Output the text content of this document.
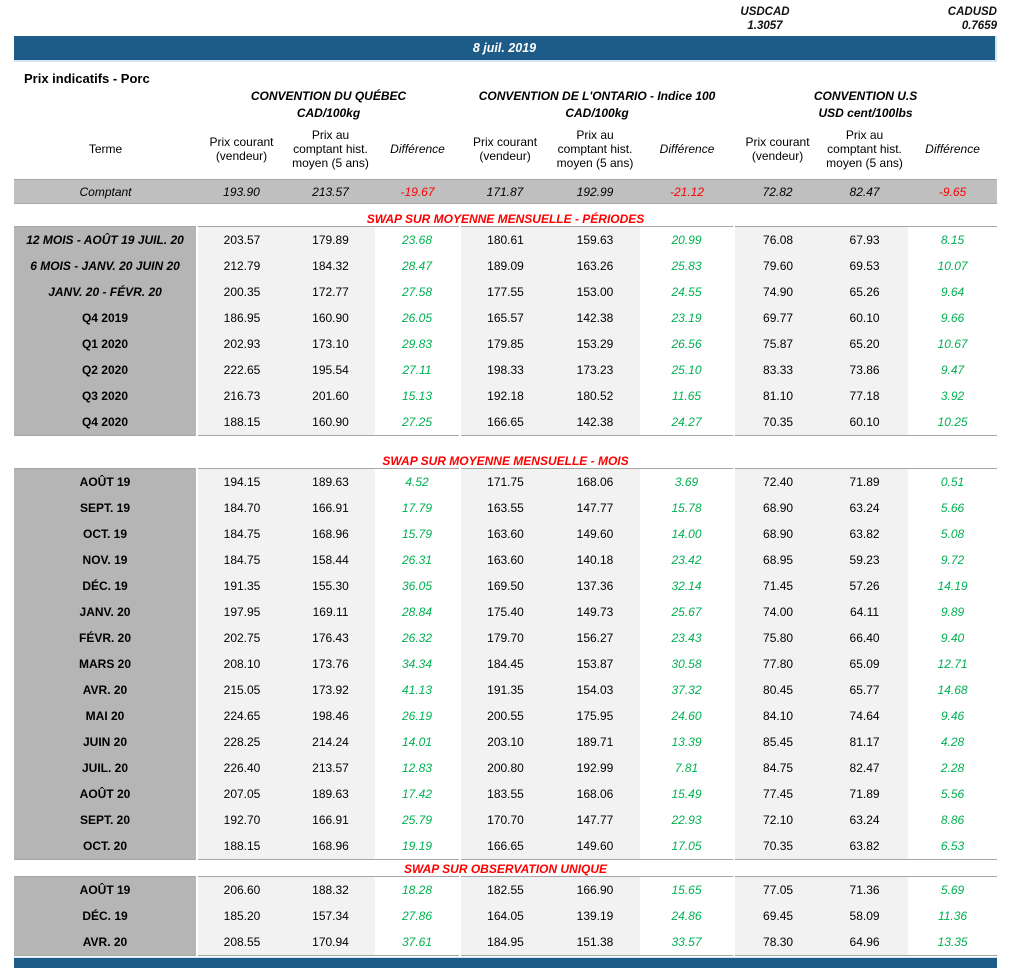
USDCAD
1.3057
CADUSD
0.7659
8 juil. 2019
Prix indicatifs - Porc
	CONVENTION DU QUÉBEC			CONVENTION DE L'ONTARIO - Indice 100			CONVENTION U.S		
	CAD/100kg			CAD/100kg			USD cent/100lbs		
Terme	Prix courant (vendeur)	Prix au comptant hist. moyen (5 ans)	Différence	Prix courant (vendeur)	Prix au comptant hist. moyen (5 ans)	Différence	Prix courant (vendeur)	Prix au comptant hist. moyen (5 ans)	Différence
Comptant	193.90	213.57	-19.67	171.87	192.99	-21.12	72.82	82.47	-9.65

SWAP SUR MOYENNE MENSUELLE - PÉRIODES									
12 MOIS - AOÛT 19 JUIL. 20	203.57	179.89	23.68	180.61	159.63	20.99	76.08	67.93	8.15
6 MOIS - JANV. 20 JUIN 20	212.79	184.32	28.47	189.09	163.26	25.83	79.60	69.53	10.07
JANV. 20 - FÉVR. 20	200.35	172.77	27.58	177.55	153.00	24.55	74.90	65.26	9.64
Q4 2019	186.95	160.90	26.05	165.57	142.38	23.19	69.77	60.10	9.66
Q1 2020	202.93	173.10	29.83	179.85	153.29	26.56	75.87	65.20	10.67
Q2 2020	222.65	195.54	27.11	198.33	173.23	25.10	83.33	73.86	9.47
Q3 2020	216.73	201.60	15.13	192.18	180.52	11.65	81.10	77.18	3.92
Q4 2020	188.15	160.90	27.25	166.65	142.38	24.27	70.35	60.10	10.25

SWAP SUR MOYENNE MENSUELLE - MOIS									
AOÛT 19	194.15	189.63	4.52	171.75	168.06	3.69	72.40	71.89	0.51
SEPT. 19	184.70	166.91	17.79	163.55	147.77	15.78	68.90	63.24	5.66
OCT. 19	184.75	168.96	15.79	163.60	149.60	14.00	68.90	63.82	5.08
NOV. 19	184.75	158.44	26.31	163.60	140.18	23.42	68.95	59.23	9.72
DÉC. 19	191.35	155.30	36.05	169.50	137.36	32.14	71.45	57.26	14.19
JANV. 20	197.95	169.11	28.84	175.40	149.73	25.67	74.00	64.11	9.89
FÉVR. 20	202.75	176.43	26.32	179.70	156.27	23.43	75.80	66.40	9.40
MARS 20	208.10	173.76	34.34	184.45	153.87	30.58	77.80	65.09	12.71
AVR. 20	215.05	173.92	41.13	191.35	154.03	37.32	80.45	65.77	14.68
MAI 20	224.65	198.46	26.19	200.55	175.95	24.60	84.10	74.64	9.46
JUIN 20	228.25	214.24	14.01	203.10	189.71	13.39	85.45	81.17	4.28
JUIL. 20	226.40	213.57	12.83	200.80	192.99	7.81	84.75	82.47	2.28
AOÛT 20	207.05	189.63	17.42	183.55	168.06	15.49	77.45	71.89	5.56
SEPT. 20	192.70	166.91	25.79	170.70	147.77	22.93	72.10	63.24	8.86
OCT. 20	188.15	168.96	19.19	166.65	149.60	17.05	70.35	63.82	6.53

SWAP SUR OBSERVATION UNIQUE									
AOÛT 19	206.60	188.32	18.28	182.55	166.90	15.65	77.05	71.36	5.69
DÉC. 19	185.20	157.34	27.86	164.05	139.19	24.86	69.45	58.09	11.36
AVR. 20	208.55	170.94	37.61	184.95	151.38	33.57	78.30	64.96	13.35
